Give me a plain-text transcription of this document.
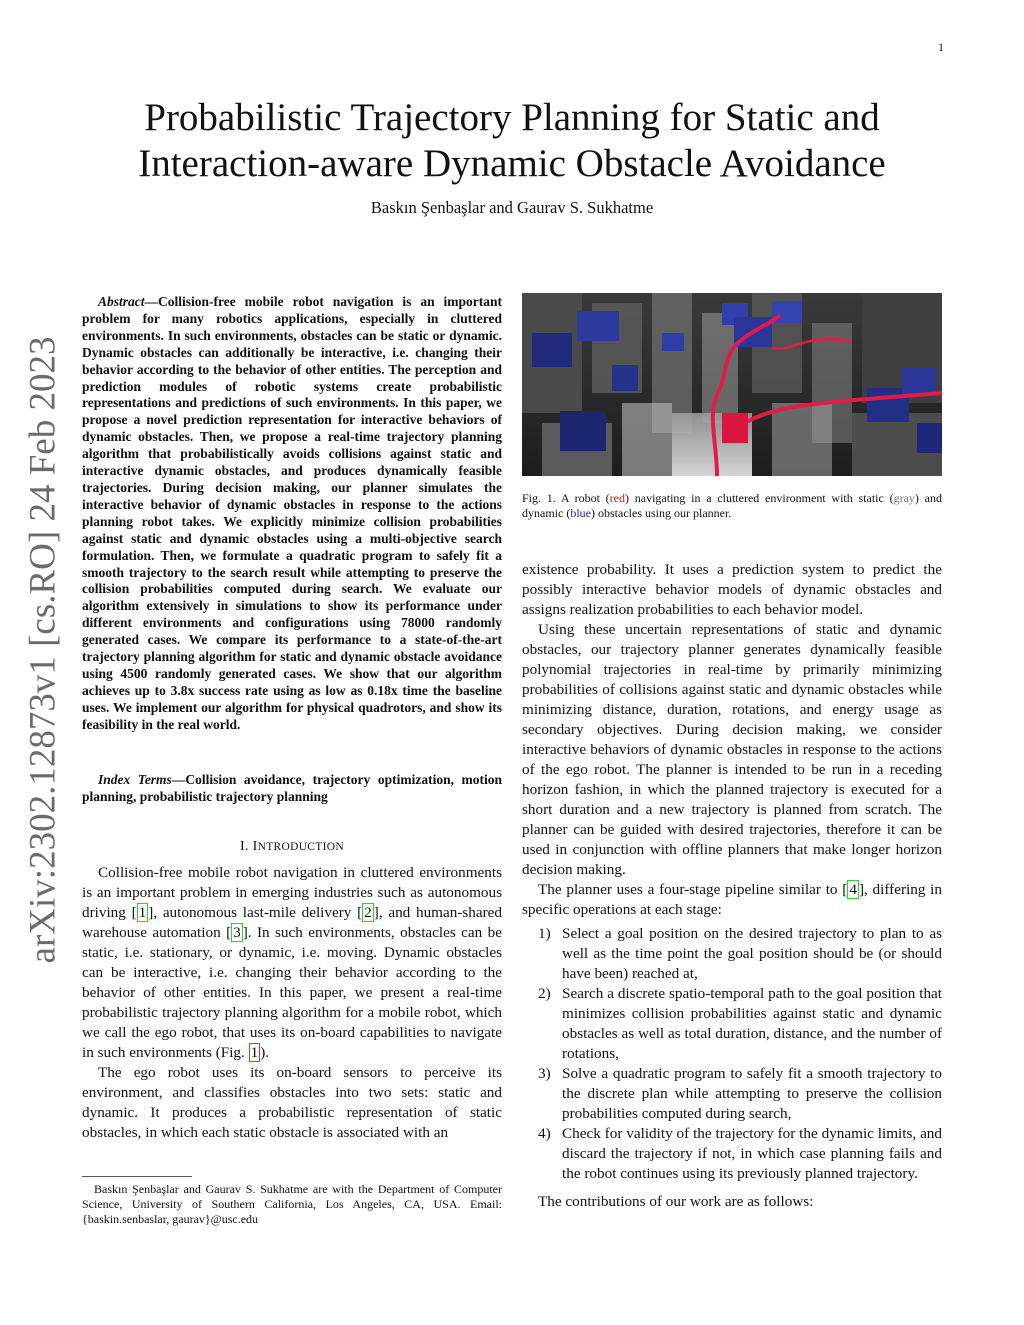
1
arXiv:2302.12873v1 [cs.RO] 24 Feb 2023
Probabilistic Trajectory Planning for Static and
Interaction-aware Dynamic Obstacle Avoidance
Baskın Şenbaşlar and Gaurav S. Sukhatme
Abstract—Collision-free mobile robot navigation is an important problem for many robotics applications, especially in cluttered environments. In such environments, obstacles can be static or dynamic. Dynamic obstacles can additionally be interactive, i.e. changing their behavior according to the behavior of other entities. The perception and prediction modules of robotic systems create probabilistic representations and predictions of such environments. In this paper, we propose a novel prediction representation for interactive behaviors of dynamic obstacles. Then, we propose a real-time trajectory planning algorithm that probabilistically avoids collisions against static and interactive dynamic obstacles, and produces dynamically feasible trajectories. During decision making, our planner simulates the interactive behavior of dynamic obstacles in response to the actions planning robot takes. We explicitly minimize collision probabilities against static and dynamic obstacles using a multi-objective search formulation. Then, we formulate a quadratic program to safely fit a smooth trajectory to the search result while attempting to preserve the collision probabilities computed during search. We evaluate our algorithm extensively in simulations to show its performance under different environments and configurations using 78000 randomly generated cases. We compare its performance to a state-of-the-art trajectory planning algorithm for static and dynamic obstacle avoidance using 4500 randomly generated cases. We show that our algorithm achieves up to 3.8x success rate using as low as 0.18x time the baseline uses. We implement our algorithm for physical quadrotors, and show its feasibility in the real world.
Index Terms—Collision avoidance, trajectory optimization, motion planning, probabilistic trajectory planning
I. INTRODUCTION

Collision-free mobile robot navigation in cluttered environments is an important problem in emerging industries such as autonomous driving [ 1 ], autonomous last-mile delivery [ 2 ], and human-shared warehouse automation [ 3 ]. In such environments, obstacles can be static, i.e. stationary, or dynamic, i.e. moving. Dynamic obstacles can be interactive, i.e. changing their behavior according to the behavior of other entities. In this paper, we present a real-time probabilistic trajectory planning algorithm for a mobile robot, which we call the ego robot, that uses its on-board capabilities to navigate in such environments (Fig. 1 ).

The ego robot uses its on-board sensors to perceive its environment, and classifies obstacles into two sets: static and dynamic. It produces a probabilistic representation of static obstacles, in which each static obstacle is associated with an

Baskın Şenbaşlar and Gaurav S. Sukhatme are with the Department of Computer Science, University of Southern California, Los Angeles, CA, USA. Email: {baskin.senbaslar, gaurav}@usc.edu
Fig. 1. A robot (red) navigating in a cluttered environment with static (gray) and dynamic (blue) obstacles using our planner.

existence probability. It uses a prediction system to predict the possibly interactive behavior models of dynamic obstacles and assigns realization probabilities to each behavior model.

Using these uncertain representations of static and dynamic obstacles, our trajectory planner generates dynamically feasible polynomial trajectories in real-time by primarily minimizing probabilities of collisions against static and dynamic obstacles while minimizing distance, duration, rotations, and energy usage as secondary objectives. During decision making, we consider interactive behaviors of dynamic obstacles in response to the actions of the ego robot. The planner is intended to be run in a receding horizon fashion, in which the planned trajectory is executed for a short duration and a new trajectory is planned from scratch. The planner can be guided with desired trajectories, therefore it can be used in conjunction with offline planners that make longer horizon decision making.

The planner uses a four-stage pipeline similar to [ 4 ], differing in specific operations at each stage:

1) Select a goal position on the desired trajectory to plan to as well as the time point the goal position should be (or should have been) reached at,
2) Search a discrete spatio-temporal path to the goal position that minimizes collision probabilities against static and dynamic obstacles as well as total duration, distance, and the number of rotations,
3) Solve a quadratic program to safely fit a smooth trajectory to the discrete plan while attempting to preserve the collision probabilities computed during search,
4) Check for validity of the trajectory for the dynamic limits, and discard the trajectory if not, in which case planning fails and the robot continues using its previously planned trajectory.

The contributions of our work are as follows:
